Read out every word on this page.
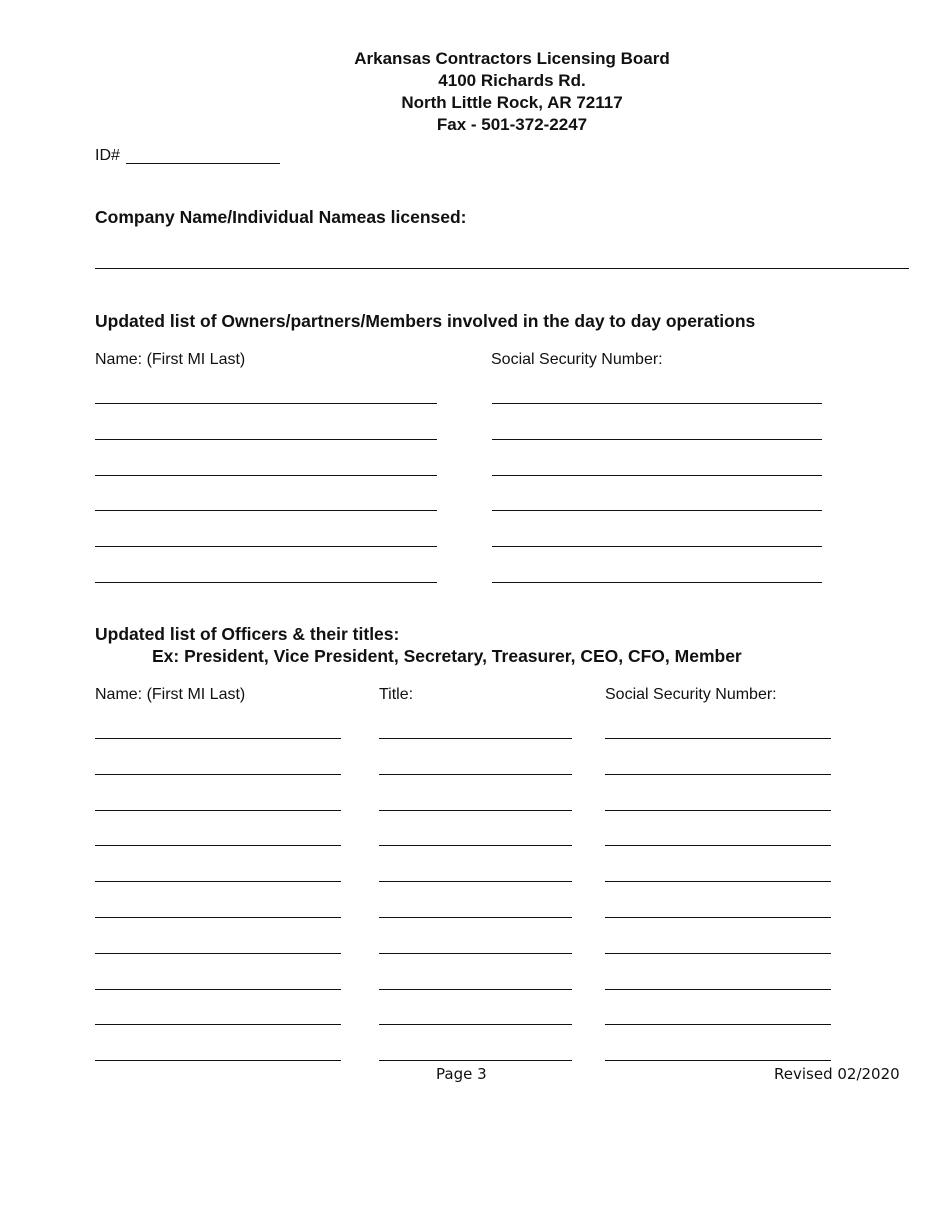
Arkansas Contractors Licensing Board
4100 Richards Rd.
North Little Rock, AR 72117
Fax - 501-372-2247
ID#
Company Name/Individual Nameas licensed:
Updated list of Owners/partners/Members involved in the day to day operations
Name: (First MI Last)	Social Security Number:
Updated list of Officers & their titles:
Ex: President, Vice President, Secretary, Treasurer, CEO, CFO, Member
Name: (First MI Last)	Title:	Social Security Number:
Page 3	Revised 02/2020
